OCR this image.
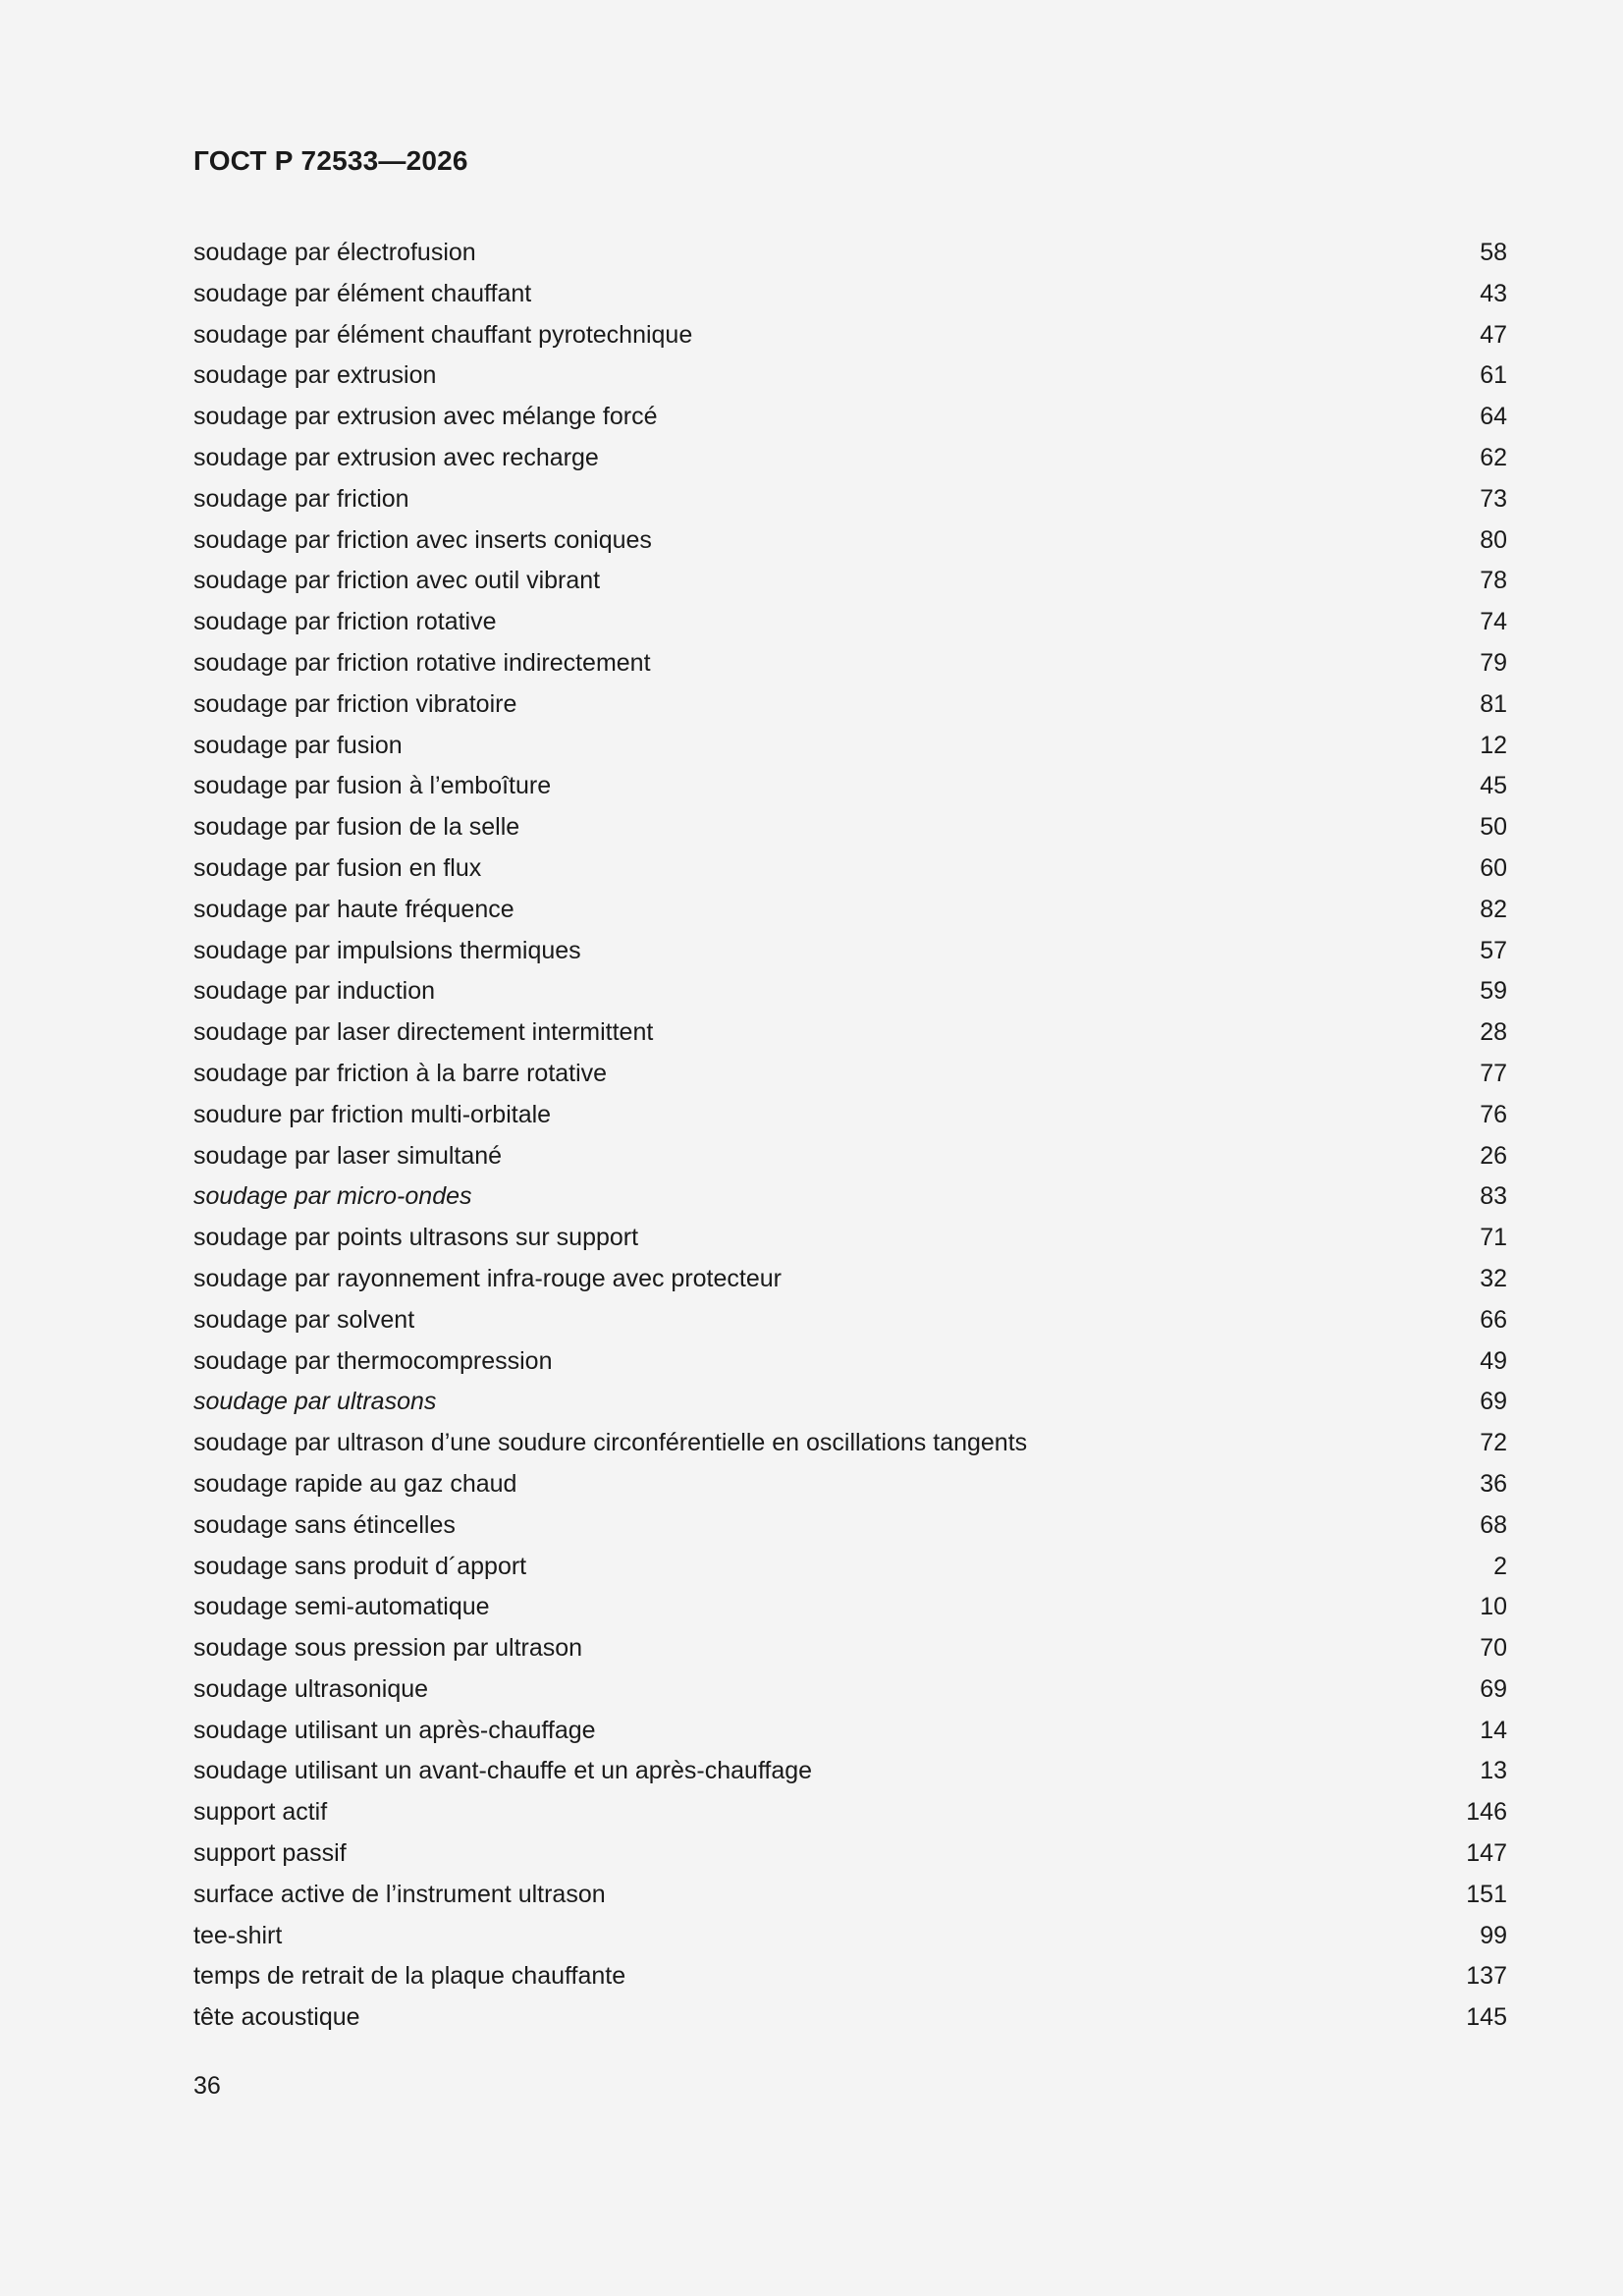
ГОСТ Р 72533—2026
soudage par électrofusion	58
soudage par élément chauffant	43
soudage par élément chauffant pyrotechnique	47
soudage par extrusion	61
soudage par extrusion avec mélange forcé	64
soudage par extrusion avec recharge	62
soudage par friction	73
soudage par friction avec inserts coniques	80
soudage par friction avec outil vibrant	78
soudage par friction rotative	74
soudage par friction rotative indirectement	79
soudage par friction vibratoire	81
soudage par fusion	12
soudage par fusion à l’emboîture	45
soudage par fusion de la selle	50
soudage par fusion en flux	60
soudage par haute fréquence	82
soudage par impulsions thermiques	57
soudage par induction	59
soudage par laser directement intermittent	28
soudage par friction à la barre rotative	77
soudure par friction multi-orbitale	76
soudage par laser simultané	26
soudage par micro-ondes	83
soudage par points ultrasons sur support	71
soudage par rayonnement infra-rouge avec protecteur	32
soudage par solvent	66
soudage par thermocompression	49
soudage par ultrasons	69
soudage par ultrason d’une soudure circonférentielle en oscillations tangents	72
soudage rapide au gaz chaud	36
soudage sans étincelles	68
soudage sans produit d´apport	2
soudage semi-automatique	10
soudage sous pression par ultrason	70
soudage ultrasonique	69
soudage utilisant un après-chauffage	14
soudage utilisant un avant-chauffe et un après-chauffage	13
support actif	146
support passif	147
surface active de l’instrument ultrason	151
tee-shirt	99
temps de retrait de la plaque chauffante	137
tête acoustique	145
36
